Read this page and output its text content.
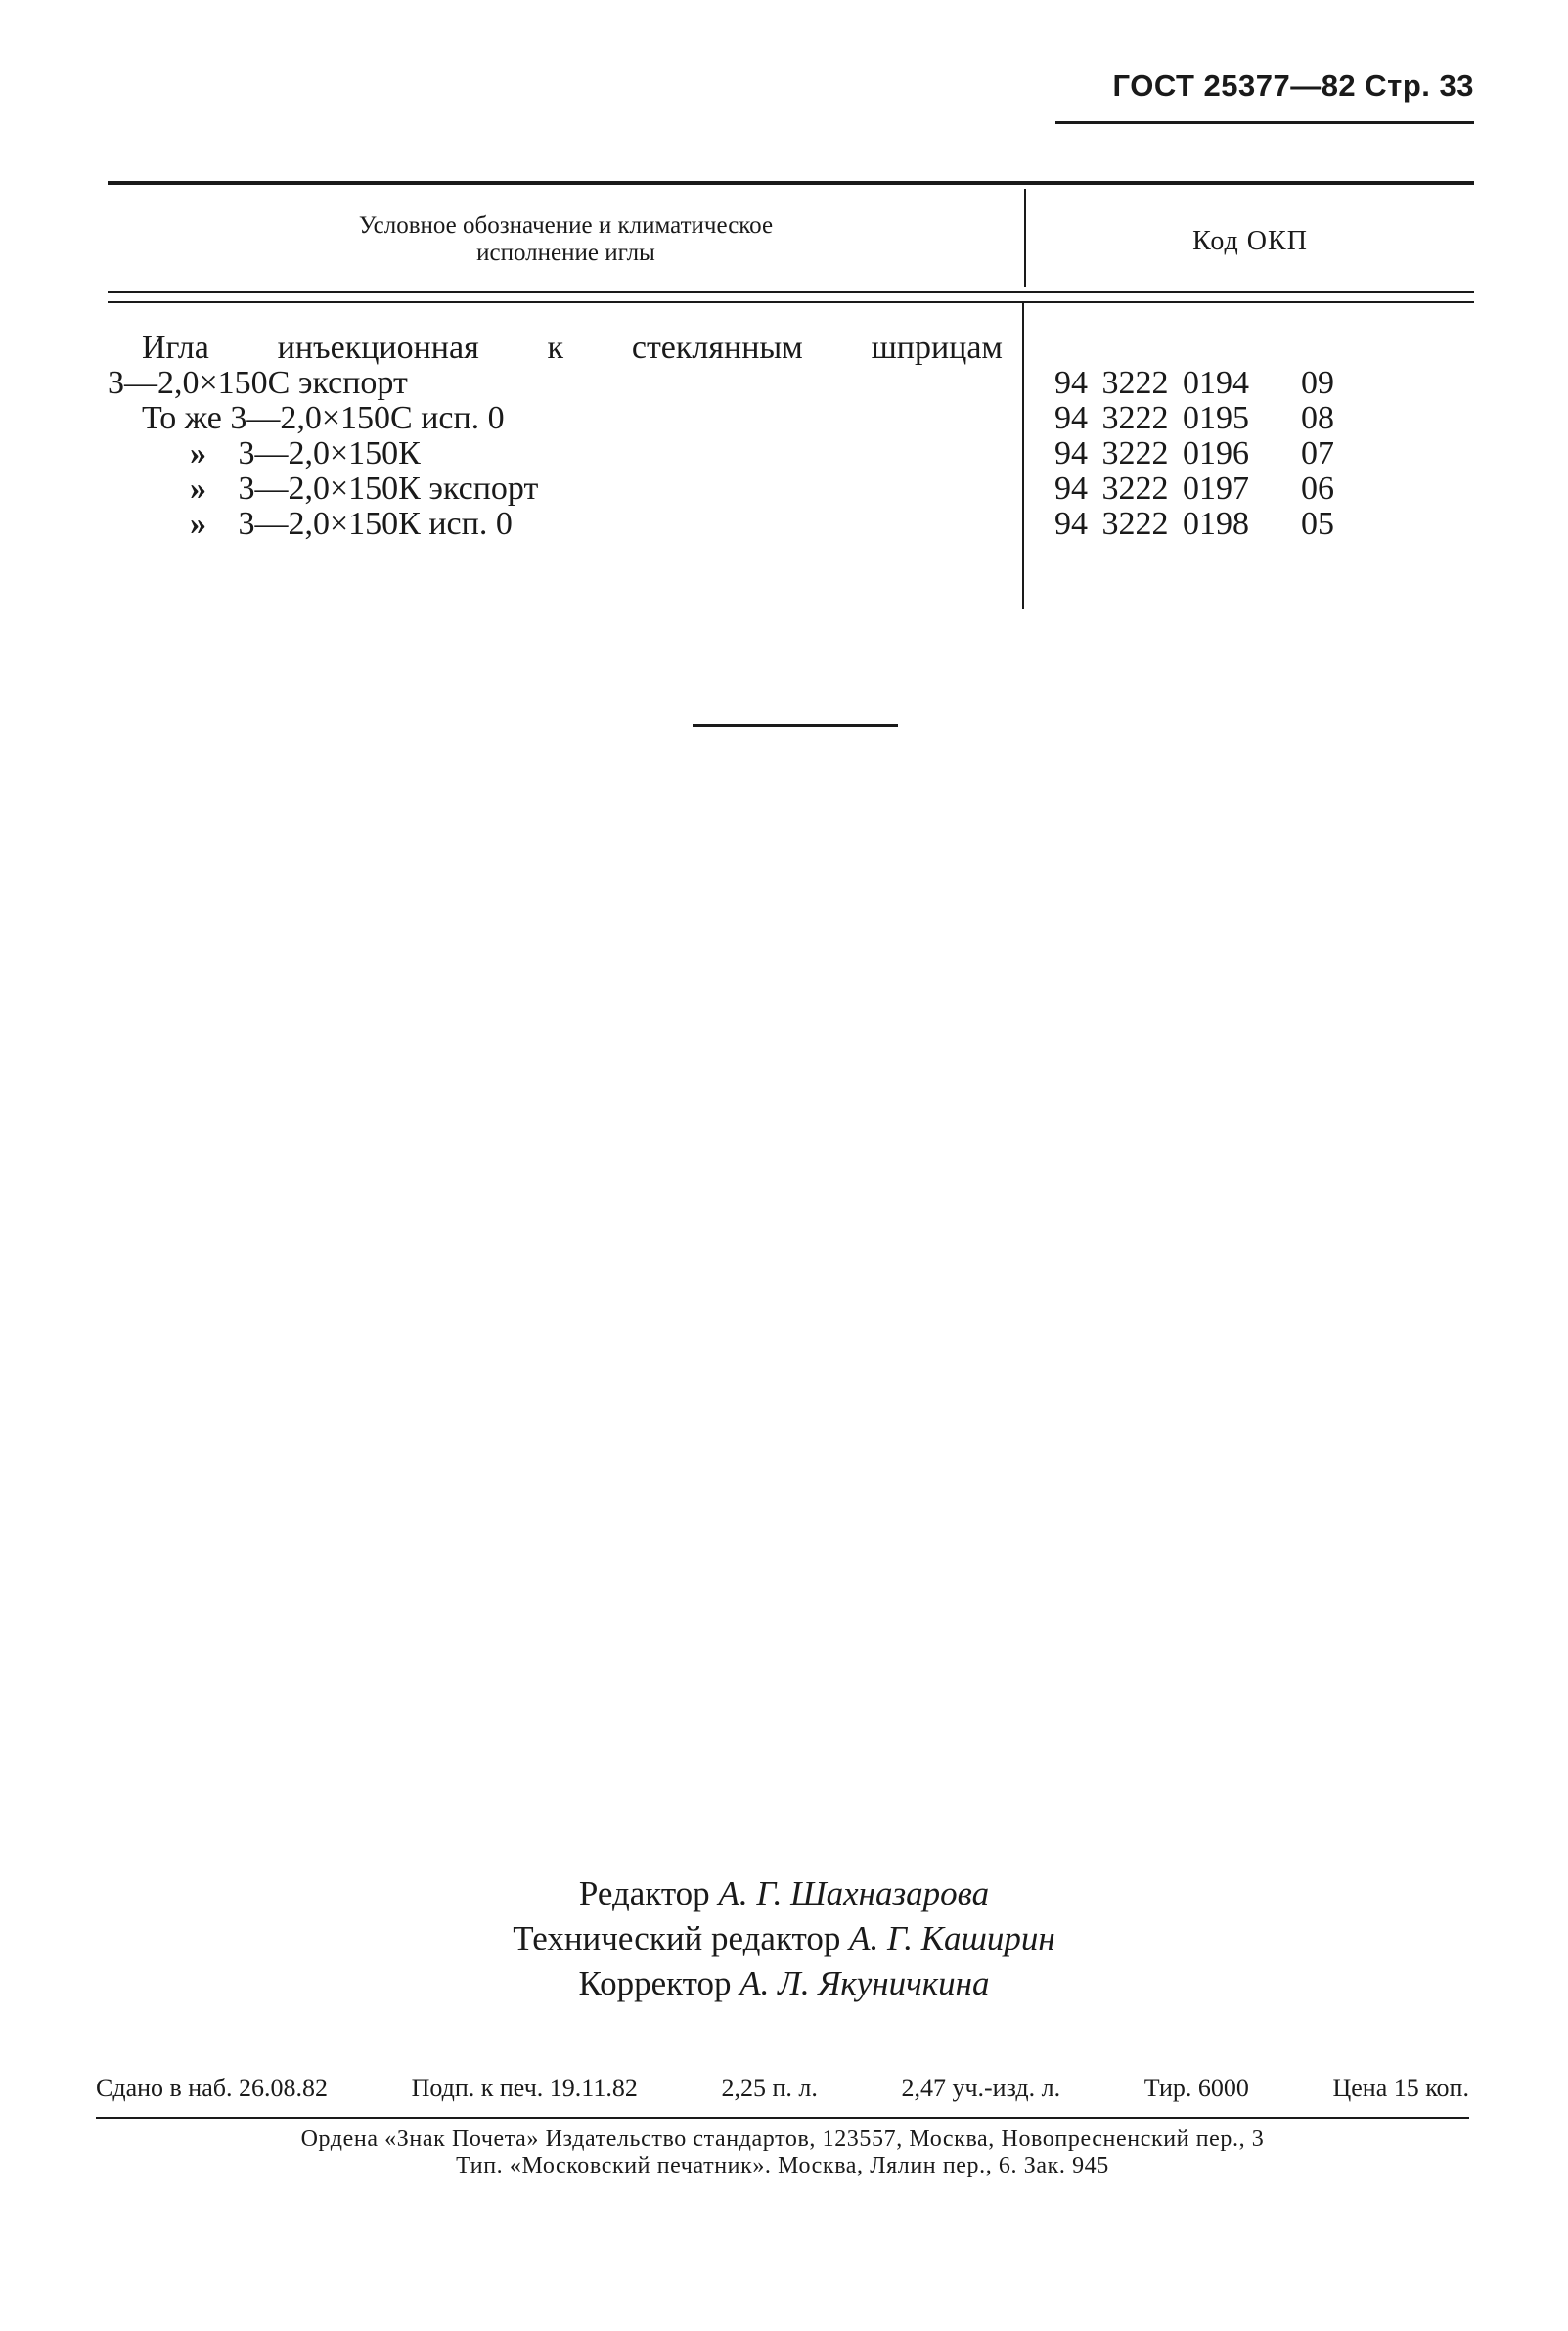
ГОСТ 25377—82 Стр. 33
Условное обозначение и климатическое
исполнение иглы	Код ОКП
Игла инъекционная к стеклянным шприцам
3—2,0×150С экспорт	94 3222 0194 09
То же 3—2,0×150С исп. 0	94 3222 0195 08
» 3—2,0×150К	94 3222 0196 07
» 3—2,0×150К экспорт	94 3222 0197 06
» 3—2,0×150К исп. 0	94 3222 0198 05
Редактор А. Г. Шахназарова
Технический редактор А. Г. Каширин
Корректор А. Л. Якуничкина
Сдано в наб. 26.08.82	Подп. к печ. 19.11.82	2,25 п. л.	2,47 уч.-изд. л.	Тир. 6000	Цена 15 коп.
Ордена «Знак Почета» Издательство стандартов, 123557, Москва, Новопресненский пер., 3
Тип. «Московский печатник». Москва, Лялин пер., 6. Зак. 945
